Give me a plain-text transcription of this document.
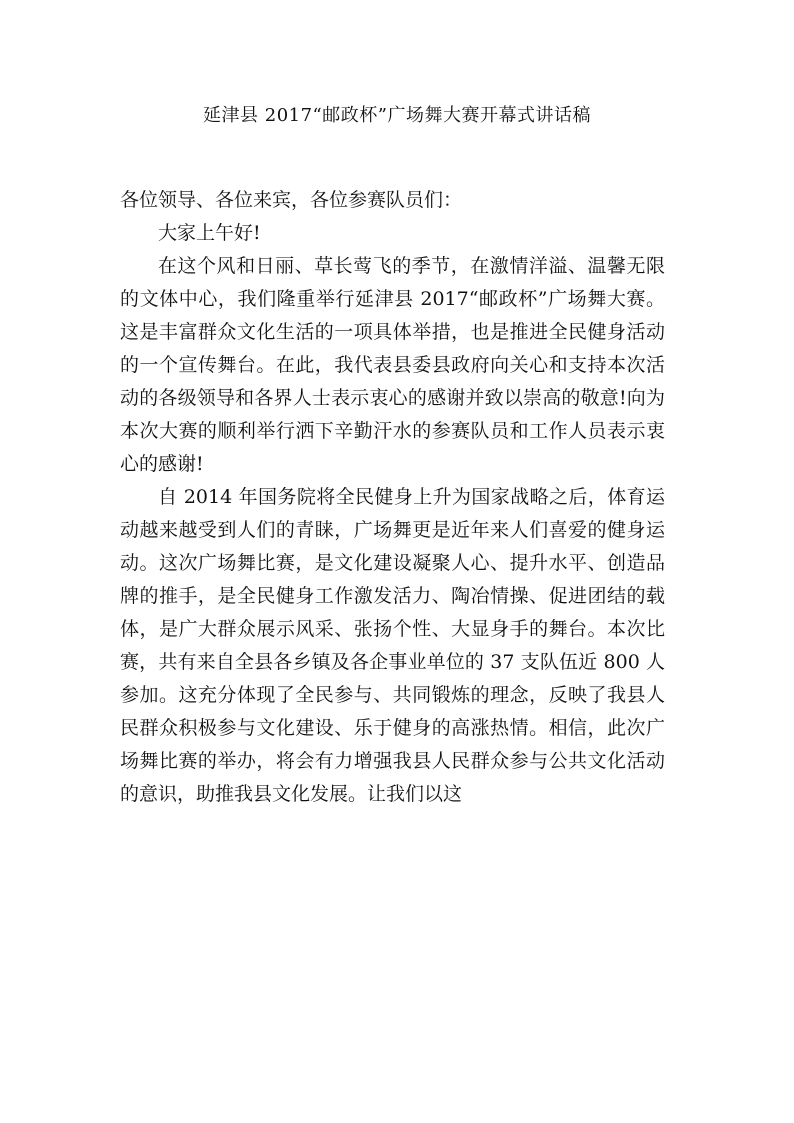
延津县 2017“邮政杯”广场舞大赛开幕式讲话稿

各位领导、各位来宾，各位参赛队员们：

大家上午好!

在这个风和日丽、草长莺飞的季节，在激情洋溢、温馨无限的文体中心，我们隆重举行延津县 2017“邮政杯”广场舞大赛。这是丰富群众文化生活的一项具体举措，也是推进全民健身活动的一个宣传舞台。在此，我代表县委县政府向关心和支持本次活动的各级领导和各界人士表示衷心的感谢并致以崇高的敬意!向为本次大赛的顺利举行洒下辛勤汗水的参赛队员和工作人员表示衷心的感谢!

自 2014 年国务院将全民健身上升为国家战略之后，体育运动越来越受到人们的青睐，广场舞更是近年来人们喜爱的健身运动。这次广场舞比赛，是文化建设凝聚人心、提升水平、创造品牌的推手，是全民健身工作激发活力、陶冶情操、促进团结的载体，是广大群众展示风采、张扬个性、大显身手的舞台。本次比赛，共有来自全县各乡镇及各企事业单位的 37 支队伍近 800 人参加。这充分体现了全民参与、共同锻炼的理念，反映了我县人民群众积极参与文化建设、乐于健身的高涨热情。相信，此次广场舞比赛的举办，将会有力增强我县人民群众参与公共文化活动的意识，助推我县文化发展。让我们以这
